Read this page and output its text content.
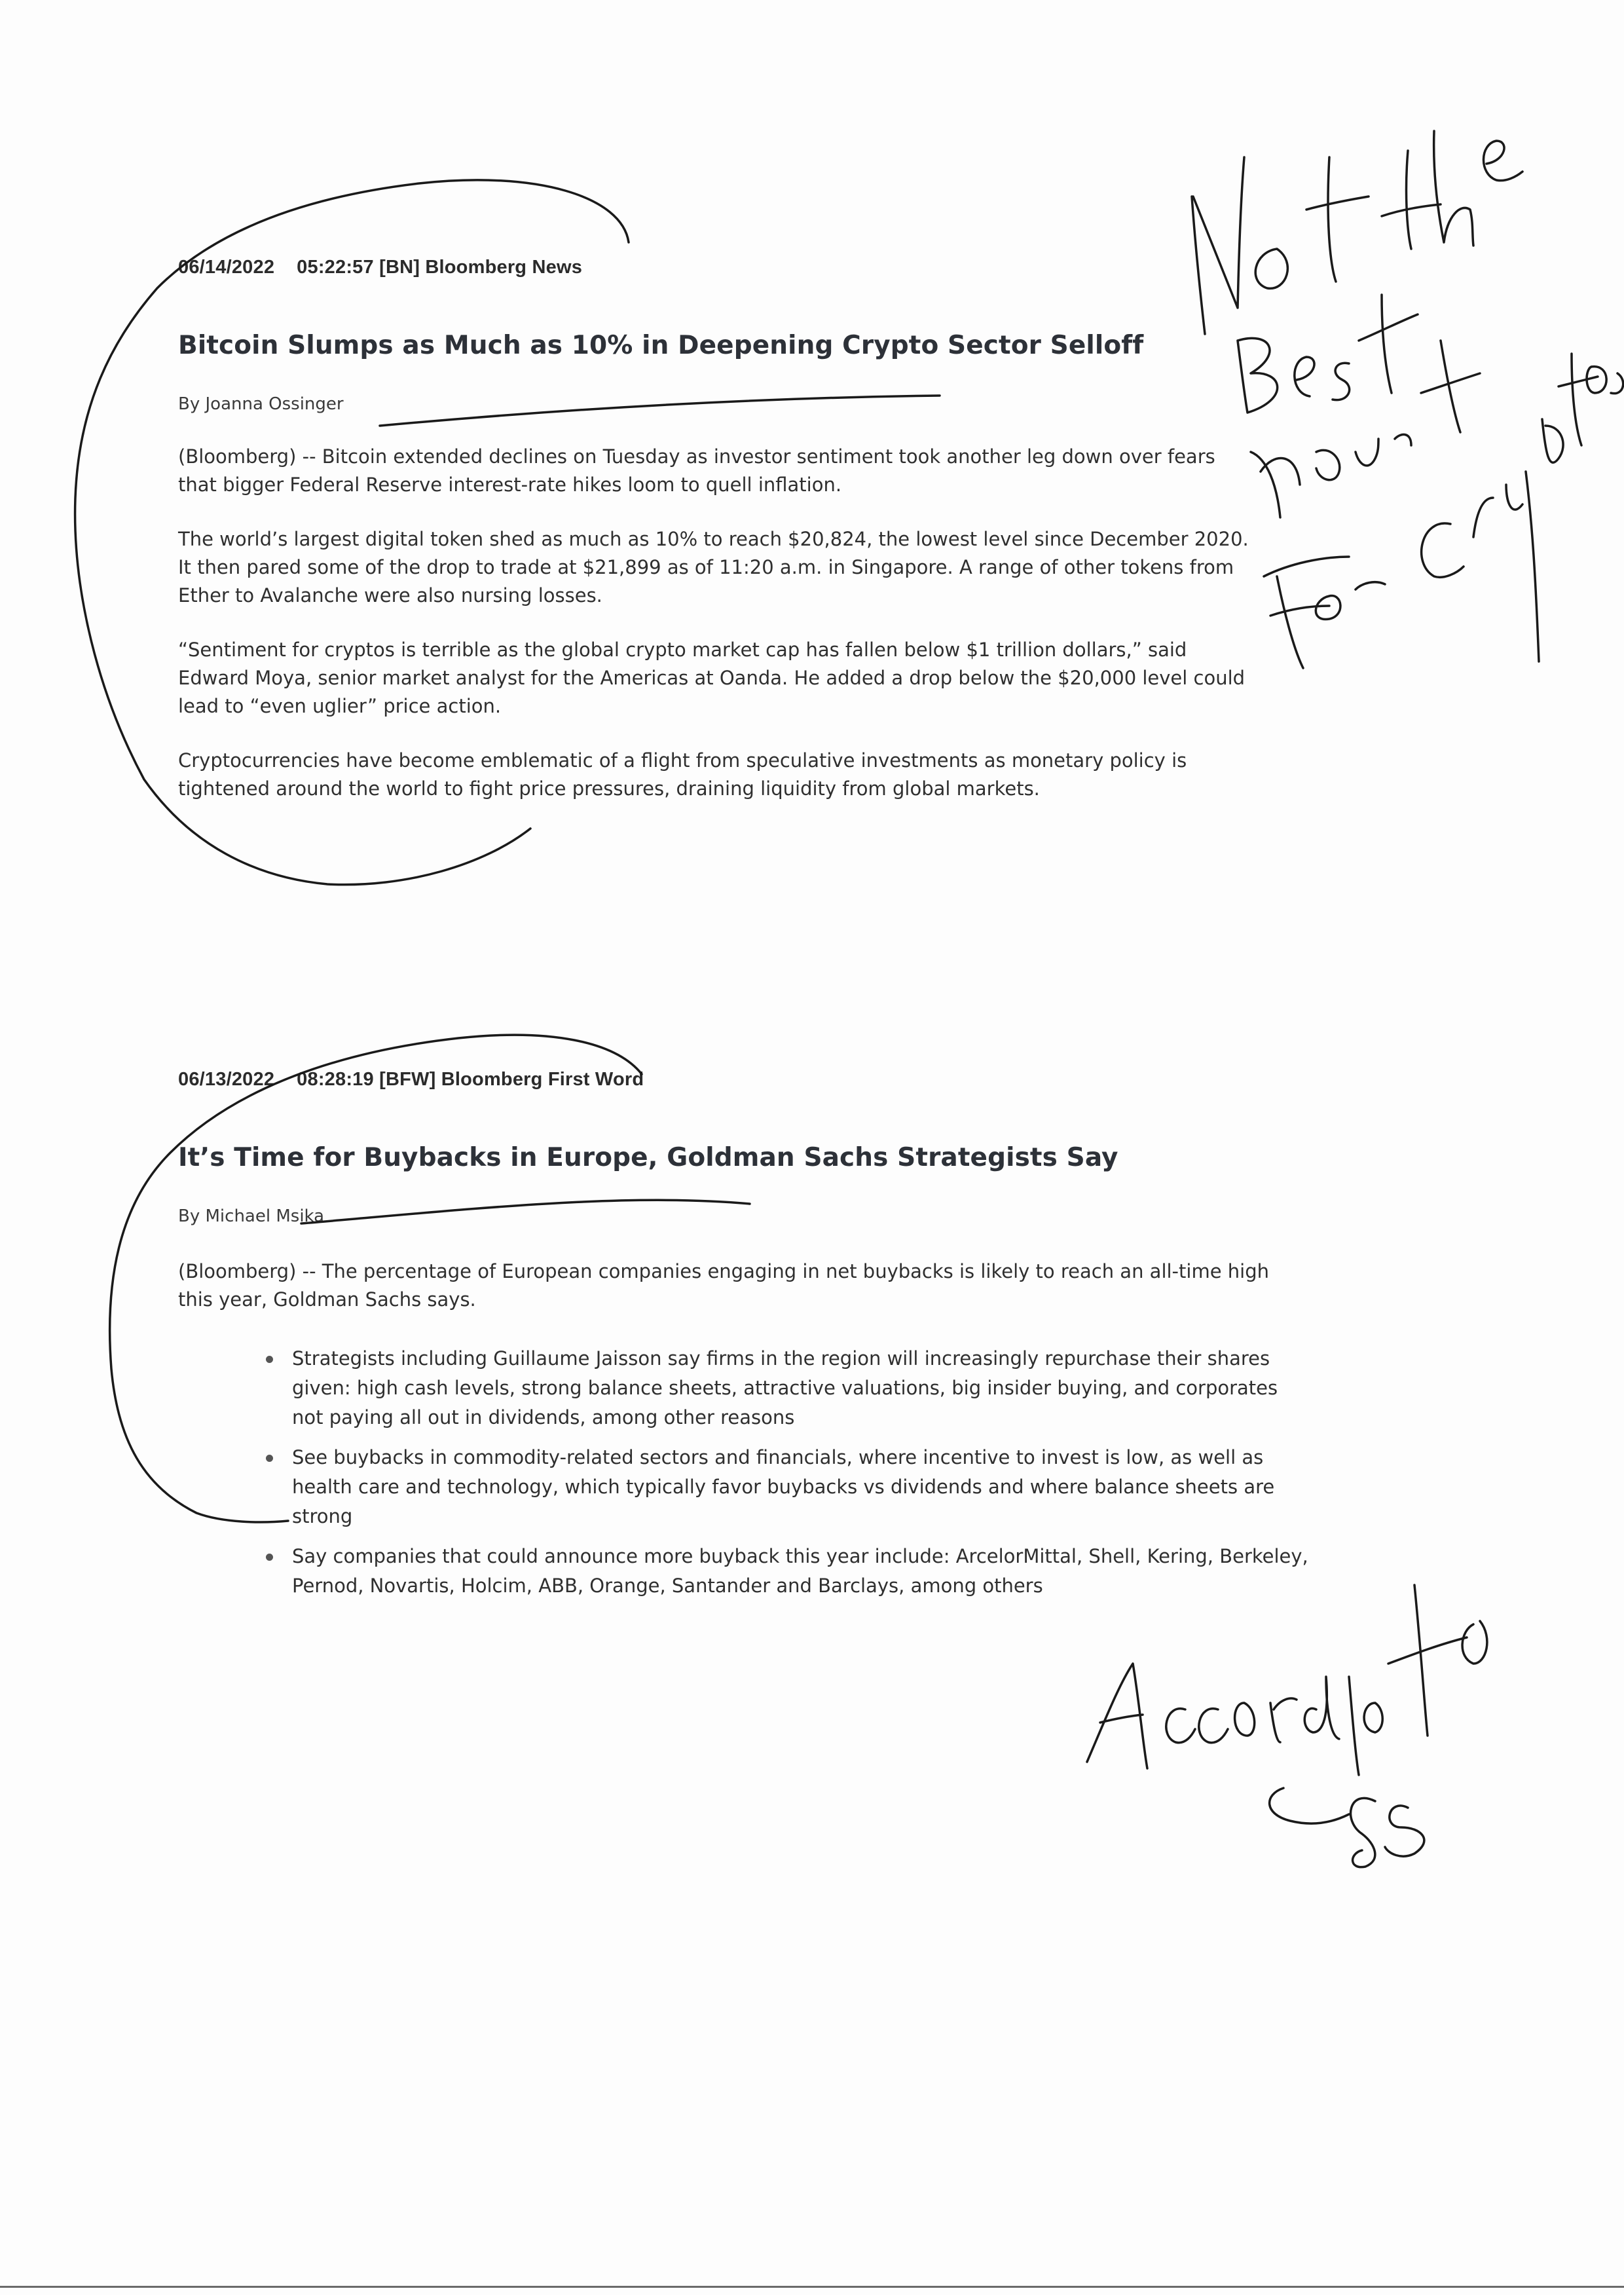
06/14/2022 05:22:57 [BN] Bloomberg News
Bitcoin Slumps as Much as 10% in Deepening Crypto Sector Selloff
By Joanna Ossinger

(Bloomberg) -- Bitcoin extended declines on Tuesday as investor sentiment took another leg down over fears that bigger Federal Reserve interest-rate hikes loom to quell inflation.

The world’s largest digital token shed as much as 10% to reach $20,824, the lowest level since December 2020. It then pared some of the drop to trade at $21,899 as of 11:20 a.m. in Singapore. A range of other tokens from Ether to Avalanche were also nursing losses.

“Sentiment for cryptos is terrible as the global crypto market cap has fallen below $1 trillion dollars,” said Edward Moya, senior market analyst for the Americas at Oanda. He added a drop below the $20,000 level could lead to “even uglier” price action.

Cryptocurrencies have become emblematic of a flight from speculative investments as monetary policy is tightened around the world to fight price pressures, draining liquidity from global markets.

06/13/2022 08:28:19 [BFW] Bloomberg First Word
It’s Time for Buybacks in Europe, Goldman Sachs Strategists Say
By Michael Msika

(Bloomberg) -- The percentage of European companies engaging in net buybacks is likely to reach an all-time high this year, Goldman Sachs says.

Strategists including Guillaume Jaisson say firms in the region will increasingly repurchase their shares given: high cash levels, strong balance sheets, attractive valuations, big insider buying, and corporates not paying all out in dividends, among other reasons
See buybacks in commodity-related sectors and financials, where incentive to invest is low, as well as health care and technology, which typically favor buybacks vs dividends and where balance sheets are strong
Say companies that could announce more buyback this year include: ArcelorMittal, Shell, Kering, Berkeley, Pernod, Novartis, Holcim, ABB, Orange, Santander and Barclays, among others
